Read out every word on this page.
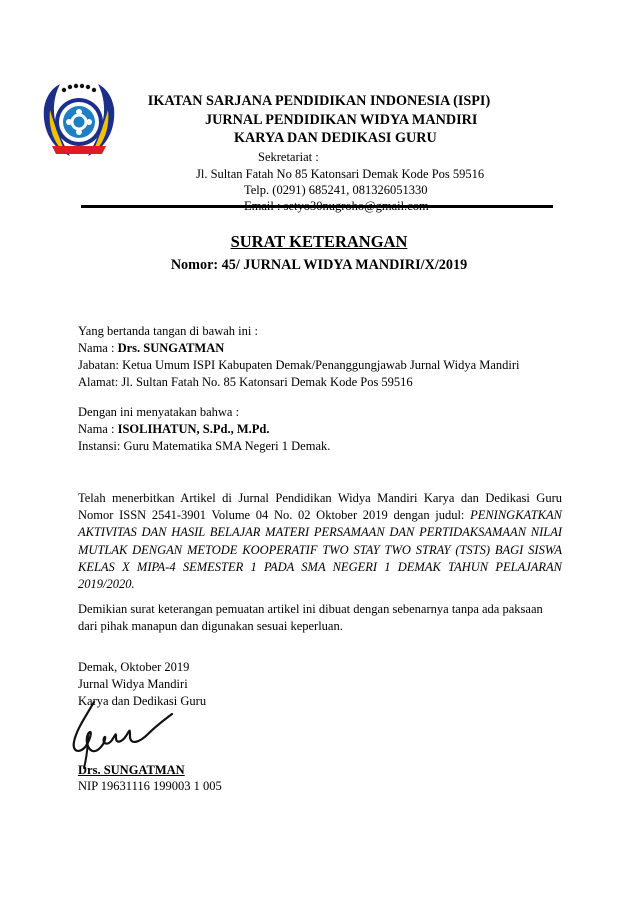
IKATAN SARJANA PENDIDIKAN INDONESIA (ISPI)
JURNAL PENDIDIKAN WIDYA MANDIRI
KARYA DAN DEDIKASI GURU
Sekretariat :
Jl. Sultan Fatah No 85 Katonsari Demak Kode Pos 59516
Telp. (0291) 685241, 081326051330
Email : setyo30nugroho@gmail.com
SURAT KETERANGAN
Nomor: 45/ JURNAL WIDYA MANDIRI/X/2019
Yang bertanda tangan di bawah ini :
Nama : Drs. SUNGATMAN
Jabatan: Ketua Umum ISPI Kabupaten Demak/Penanggungjawab Jurnal Widya Mandiri
Alamat: Jl. Sultan Fatah No. 85 Katonsari Demak Kode Pos 59516
Dengan ini menyatakan bahwa :
Nama : ISOLIHATUN, S.Pd., M.Pd.
Instansi: Guru Matematika SMA Negeri 1 Demak.
Telah menerbitkan Artikel di Jurnal Pendidikan Widya Mandiri Karya dan Dedikasi Guru Nomor ISSN 2541-3901 Volume 04 No. 02 Oktober 2019 dengan judul: PENINGKATKAN AKTIVITAS DAN HASIL BELAJAR MATERI PERSAMAAN DAN PERTIDAKSAMAAN NILAI MUTLAK DENGAN METODE KOOPERATIF TWO STAY TWO STRAY (TSTS) BAGI SISWA KELAS X MIPA-4 SEMESTER 1 PADA SMA NEGERI 1 DEMAK TAHUN PELAJARAN 2019/2020.
Demikian surat keterangan pemuatan artikel ini dibuat dengan sebenarnya tanpa ada paksaan dari pihak manapun dan digunakan sesuai keperluan.
Demak, Oktober 2019
Jurnal Widya Mandiri
Karya dan Dedikasi Guru
Drs. SUNGATMAN
NIP 19631116 199003 1 005
